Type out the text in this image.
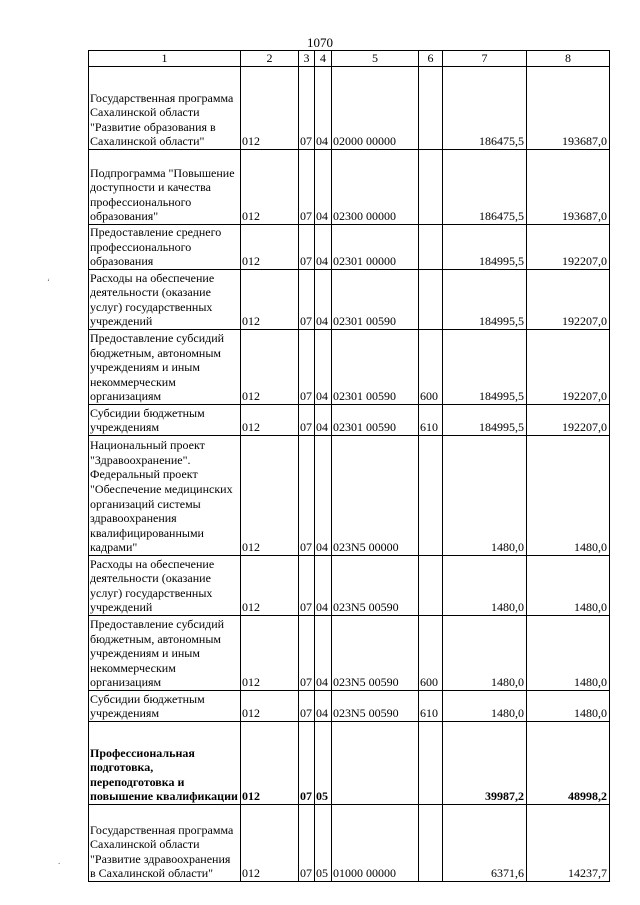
1070
‘
.
1	2	3	4	5	6	7	8
Государственная программа Сахалинской области "Развитие образования в Сахалинской области"	012	07	04	02000 00000		186475,5	193687,0
Подпрограмма "Повышение доступности и качества профессионального образования"	012	07	04	02300 00000		186475,5	193687,0
Предоставление среднего профессионального образования	012	07	04	02301 00000		184995,5	192207,0
Расходы на обеспечение деятельности (оказание услуг) государственных учреждений	012	07	04	02301 00590		184995,5	192207,0
Предоставление субсидий бюджетным, автономным учреждениям и иным некоммерческим организациям	012	07	04	02301 00590	600	184995,5	192207,0
Субсидии бюджетным учреждениям	012	07	04	02301 00590	610	184995,5	192207,0
Национальный проект "Здравоохранение". Федеральный проект "Обеспечение медицинских организаций системы здравоохранения квалифицированными кадрами"	012	07	04	023N5 00000		1480,0	1480,0
Расходы на обеспечение деятельности (оказание услуг) государственных учреждений	012	07	04	023N5 00590		1480,0	1480,0
Предоставление субсидий бюджетным, автономным учреждениям и иным некоммерческим организациям	012	07	04	023N5 00590	600	1480,0	1480,0
Субсидии бюджетным учреждениям	012	07	04	023N5 00590	610	1480,0	1480,0
Профессиональная подготовка, переподготовка и повышение квалификации	012	07	05			39987,2	48998,2
Государственная программа Сахалинской области "Развитие здравоохранения в Сахалинской области"	012	07	05	01000 00000		6371,6	14237,7
